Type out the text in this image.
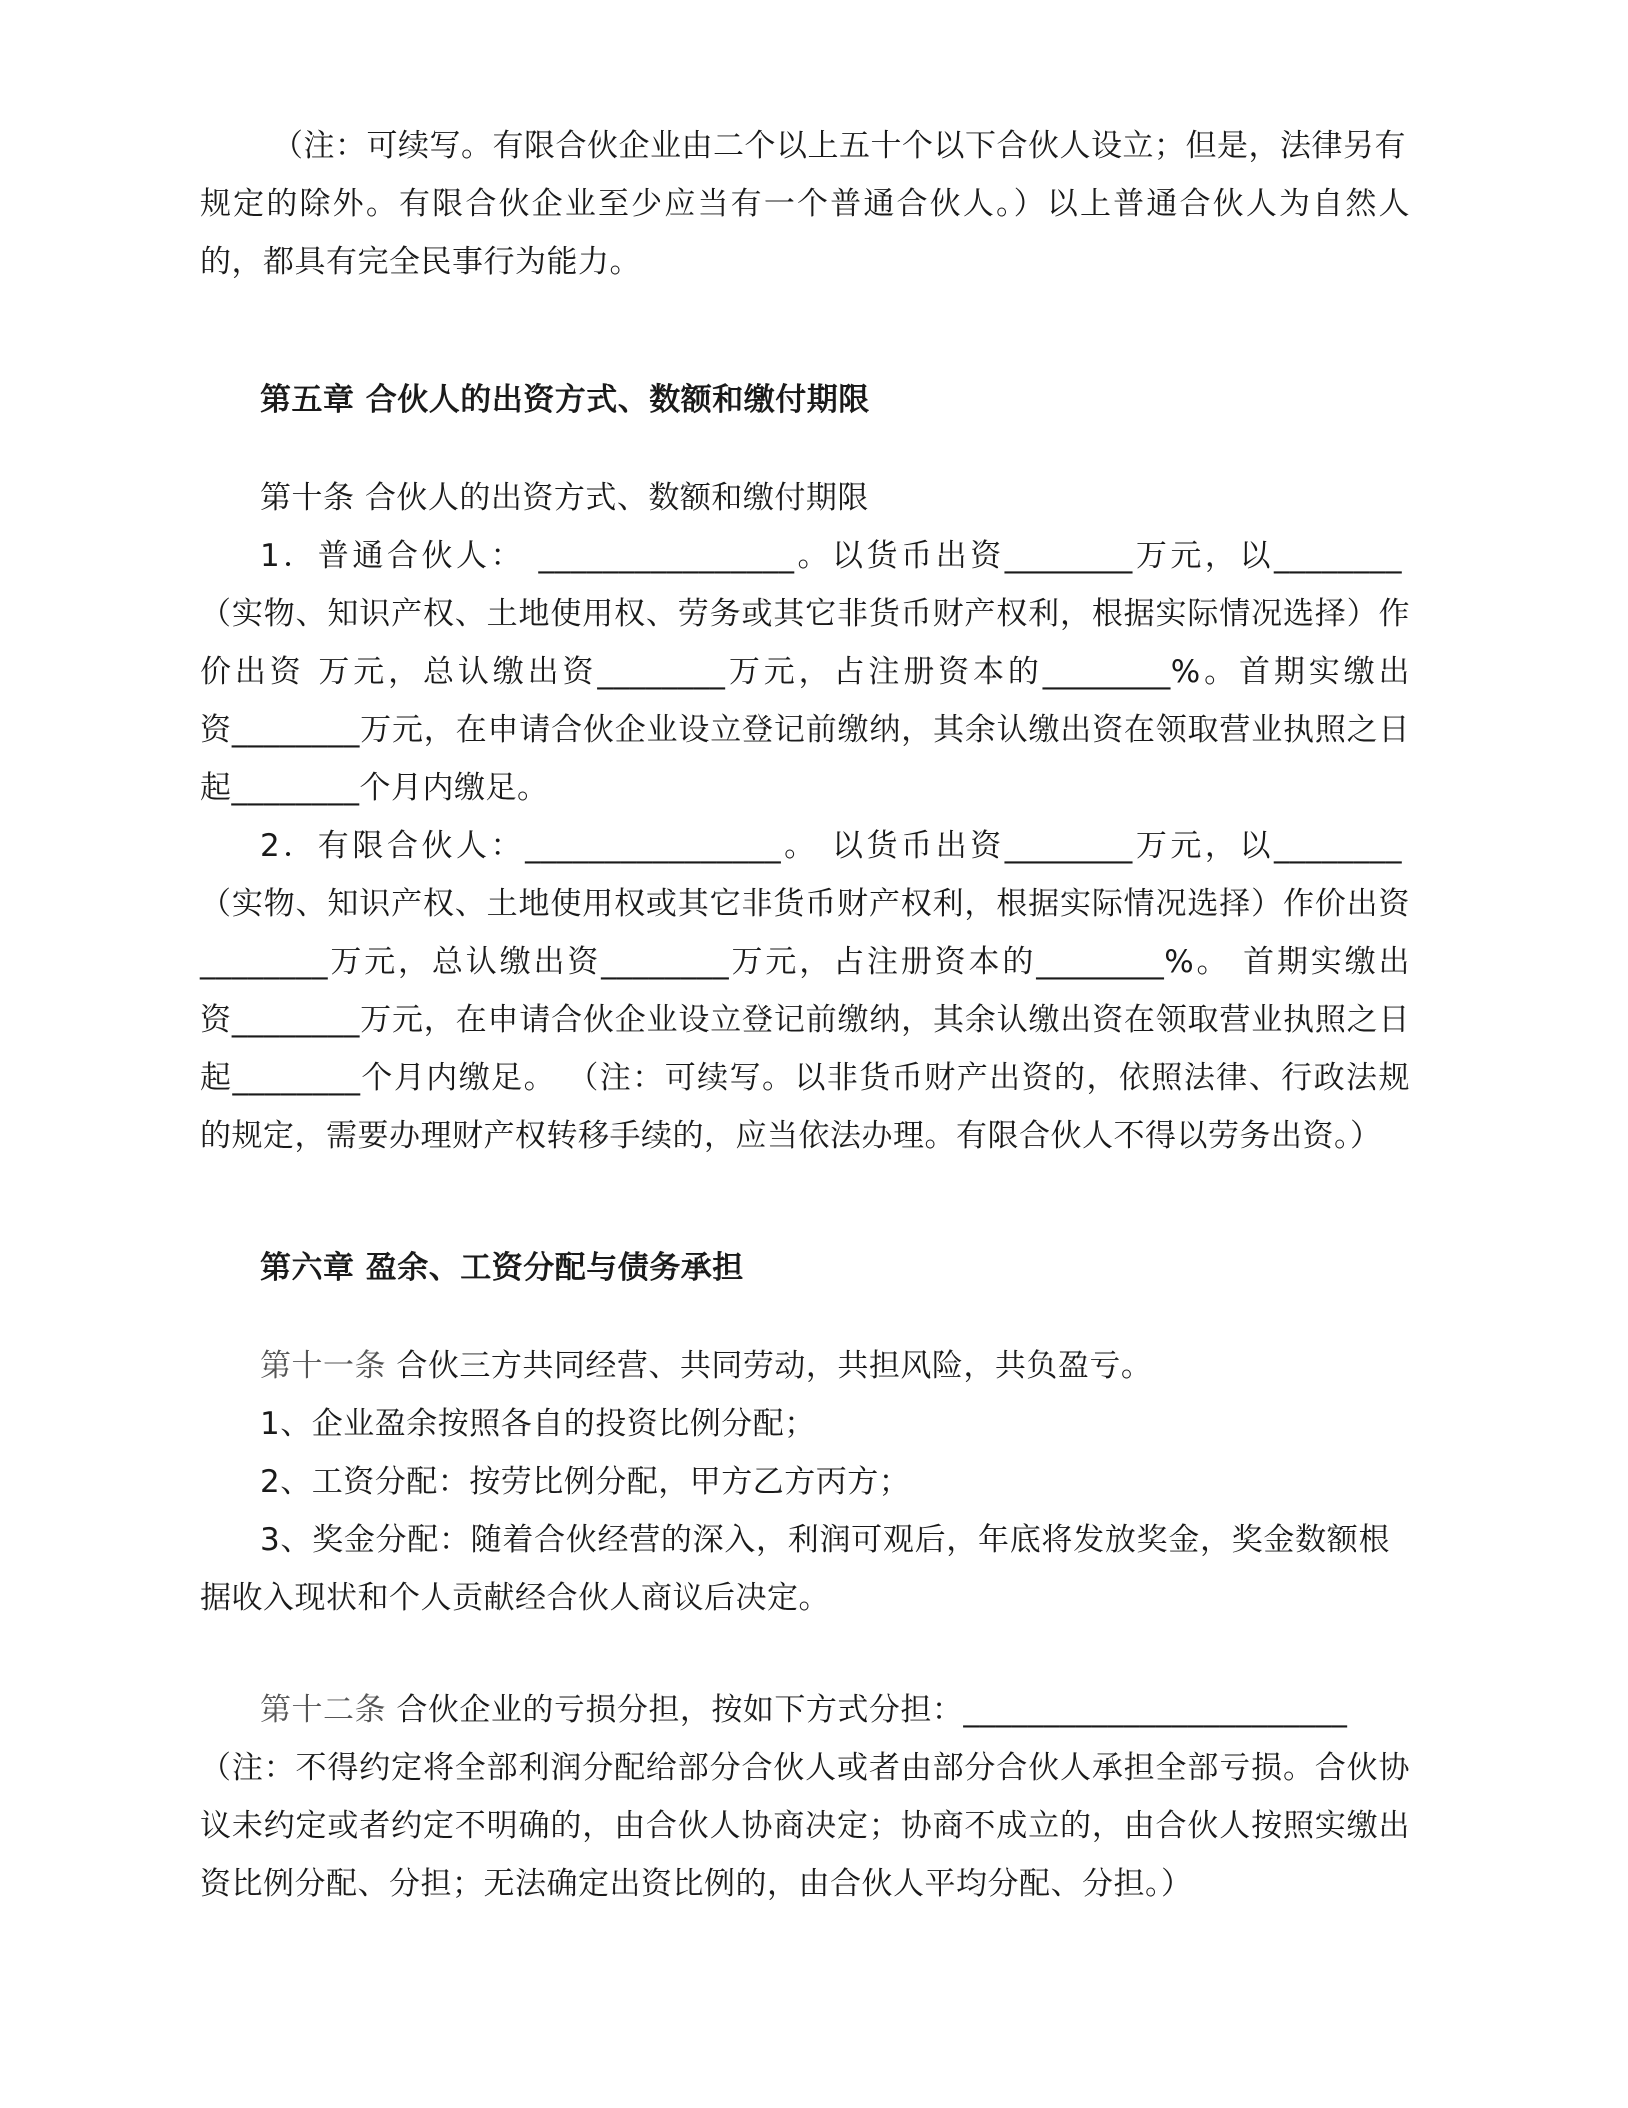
（注：可续写。有限合伙企业由二个以上五十个以下合伙人设立；但是，法律另有
规定的除外。有限合伙企业至少应当有一个普通合伙人。）以上普通合伙人为自然人
的，都具有完全民事行为能力。
第五章 合伙人的出资方式、数额和缴付期限
第十条 合伙人的出资方式、数额和缴付期限
1．普通合伙人： ________________。以货币出资________万元，以________
（实物、知识产权、土地使用权、劳务或其它非货币财产权利，根据实际情况选择）作
价出资 万元，总认缴出资________万元，占注册资本的________%。首期实缴出
资________万元，在申请合伙企业设立登记前缴纳，其余认缴出资在领取营业执照之日
起________个月内缴足。
2．有限合伙人：________________。 以货币出资________万元，以________
（实物、知识产权、土地使用权或其它非货币财产权利，根据实际情况选择）作价出资
________万元，总认缴出资________万元，占注册资本的________%。 首期实缴出
资________万元，在申请合伙企业设立登记前缴纳，其余认缴出资在领取营业执照之日
起________个月内缴足。 （注：可续写。以非货币财产出资的，依照法律、行政法规
的规定，需要办理财产权转移手续的，应当依法办理。有限合伙人不得以劳务出资。）
第六章 盈余、工资分配与债务承担
第十一条 合伙三方共同经营、共同劳动，共担风险，共负盈亏。
1、企业盈余按照各自的投资比例分配；
2、工资分配：按劳比例分配，甲方乙方丙方；
3、奖金分配：随着合伙经营的深入，利润可观后，年底将发放奖金，奖金数额根
据收入现状和个人贡献经合伙人商议后决定。
第十二条 合伙企业的亏损分担，按如下方式分担：________________________
（注：不得约定将全部利润分配给部分合伙人或者由部分合伙人承担全部亏损。合伙协
议未约定或者约定不明确的，由合伙人协商决定；协商不成立的，由合伙人按照实缴出
资比例分配、分担；无法确定出资比例的，由合伙人平均分配、分担。）
